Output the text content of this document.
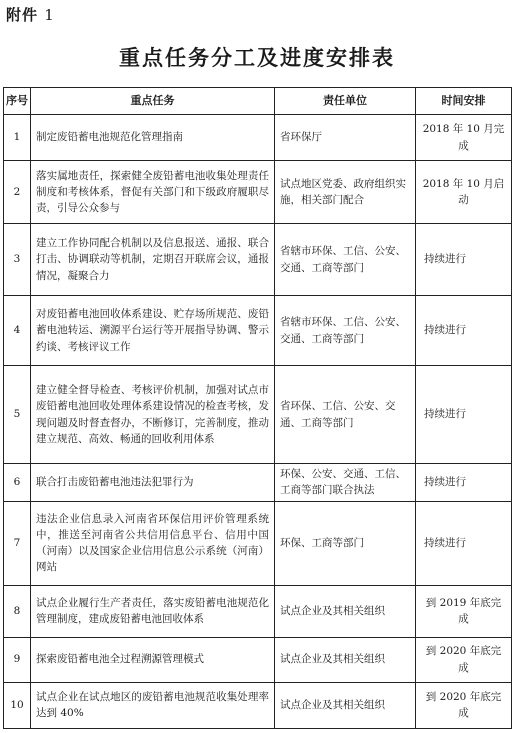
附件 1
重点任务分工及进度安排表
序号	重点任务	责任单位	时间安排
1	制定废铅蓄电池规范化管理指南	省环保厅	2018 年 10 月完成
2	落实属地责任，探索健全废铅蓄电池收集处理责任制度和考核体系，督促有关部门和下级政府履职尽责，引导公众参与	试点地区党委、政府组织实施，相关部门配合	2018 年 10 月启动
3	建立工作协同配合机制以及信息报送、通报、联合打击、协调联动等机制，定期召开联席会议，通报情况，凝聚合力	省辖市环保、工信、公安、交通、工商等部门	持续进行
4	对废铅蓄电池回收体系建设、贮存场所规范、废铅蓄电池转运、溯源平台运行等开展指导协调、警示约谈、考核评议工作	省辖市环保、工信、公安、交通、工商等部门	持续进行
5	建立健全督导检查、考核评价机制，加强对试点市废铅蓄电池回收处理体系建设情况的检查考核，发现问题及时督查督办，不断修订，完善制度，推动建立规范、高效、畅通的回收利用体系	省环保、工信、公安、交通、工商等部门	持续进行
6	联合打击废铅蓄电池违法犯罪行为	环保、公安、交通、工信、工商等部门联合执法	持续进行
7	违法企业信息录入河南省环保信用评价管理系统中，推送至河南省公共信用信息平台、信用中国（河南）以及国家企业信用信息公示系统（河南）网站	环保、工商等部门	持续进行
8	试点企业履行生产者责任，落实废铅蓄电池规范化管理制度，建成废铅蓄电池回收体系	试点企业及其相关组织	到 2019 年底完成
9	探索废铅蓄电池全过程溯源管理模式	试点企业及其相关组织	到 2020 年底完成
10	试点企业在试点地区的废铅蓄电池规范收集处理率达到 40%	试点企业及其相关组织	到 2020 年底完成
